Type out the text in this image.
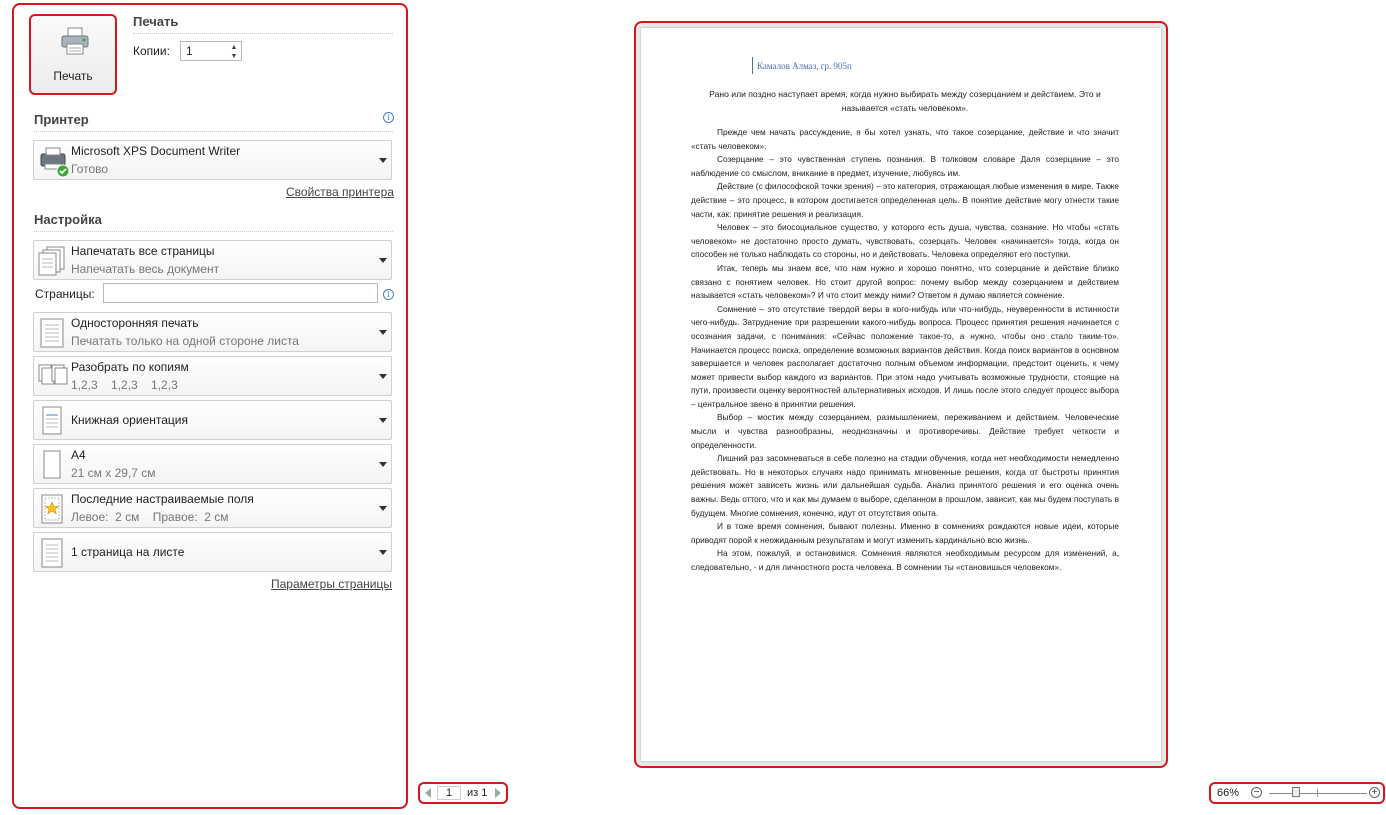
Печать
Печать
Копии: 1	▲
▼
Принтер	i
Microsoft XPS Document Writer
Готово
Свойства принтера
Настройка
Напечатать все страницы
Напечатать весь документ
Страницы:	i
Односторонняя печать
Печатать только на одной стороне листа
Разобрать по копиям
1,2,3    1,2,3    1,2,3
Книжная ориентация
А4
21 см x 29,7 см
Последние настраиваемые поля
Левое:  2 см    Правое:  2 см
1 страница на листе
Параметры страницы
1	из 1	66% −	+
Камалов Алмаз, гр. 905п
Рано или поздно наступает время, когда нужно выбирать между созерцанием и действием. Это и называется «стать человеком».

Прежде чем начать рассуждение, я бы хотел узнать, что такое созерцание, действие и что значит «стать человеком».

Созерцание – это чувственная ступень познания. В толковом словаре Даля созерцание – это наблюдение со смыслом, вникание в предмет, изучение, любуясь им.

Действие (с философской точки зрения) – это категория, отражающая любые изменения в мире. Также действие – это процесс, в котором достигается определенная цель. В понятие действие могу отнести такие части, как: принятие решения и реализация.

Человек – это биосоциальное существо, у которого есть душа, чувства, сознание. Но чтобы «стать человеком» не достаточно просто думать, чувствовать, созерцать. Человек «начинается» тогда, когда он способен не только наблюдать со стороны, но и действовать. Человека определяют его поступки.

Итак, теперь мы знаем все, что нам нужно и хорошо понятно, что созерцание и действие близко связано с понятием человек. Но стоит другой вопрос: почему выбор между созерцанием и действием называется «стать человеком»? И что стоит между ними? Ответом я думаю является сомнение.

Сомнение – это отсутствие твердой веры в кого-нибудь или что-нибудь, неуверенности в истинности чего-нибудь. Затруднение при разрешении какого-нибудь вопроса. Процесс принятия решения начинается с осознания задачи, с понимания: «Сейчас положение такое-то, а нужно, чтобы оно стало таким-то». Начинается процесс поиска, определение возможных вариантов действия. Когда поиск вариантов в основном завершается и человек располагает достаточно полным объемом информации, предстоит оценить, к чему может привести выбор каждого из вариантов. При этом надо учитывать возможные трудности, стоящие на пути, произвести оценку вероятностей альтернативных исходов. И лишь после этого следует процесс выбора – центральное звено в принятии решения.

Выбор – мостик между созерцанием, размышлением, переживанием и действием. Человеческие мысли и чувства разнообразны, неоднозначны и противоречивы. Действие требует четкости и определенности.

Лишний раз засомневаться в себе полезно на стадии обучения, когда нет необходимости немедленно действовать. Но в некоторых случаях надо принимать мгновенные решения, когда от быстроты принятия решения может зависеть жизнь или дальнейшая судьба. Анализ принятого решения и его оценка очень важны. Ведь оттого, что и как мы думаем о выборе, сделанном в прошлом, зависит, как мы будем поступать в будущем. Многие сомнения, конечно, идут от отсутствия опыта.

И в тоже время сомнения, бывают полезны. Именно в сомнениях рождаются новые идеи, которые приводят порой к неожиданным результатам и могут изменить кардинально всю жизнь.

На этом, пожалуй, и остановимся. Сомнения являются необходимым ресурсом для изменений, а, следовательно, - и для личностного роста человека. В сомнении ты «становишься человеком».
